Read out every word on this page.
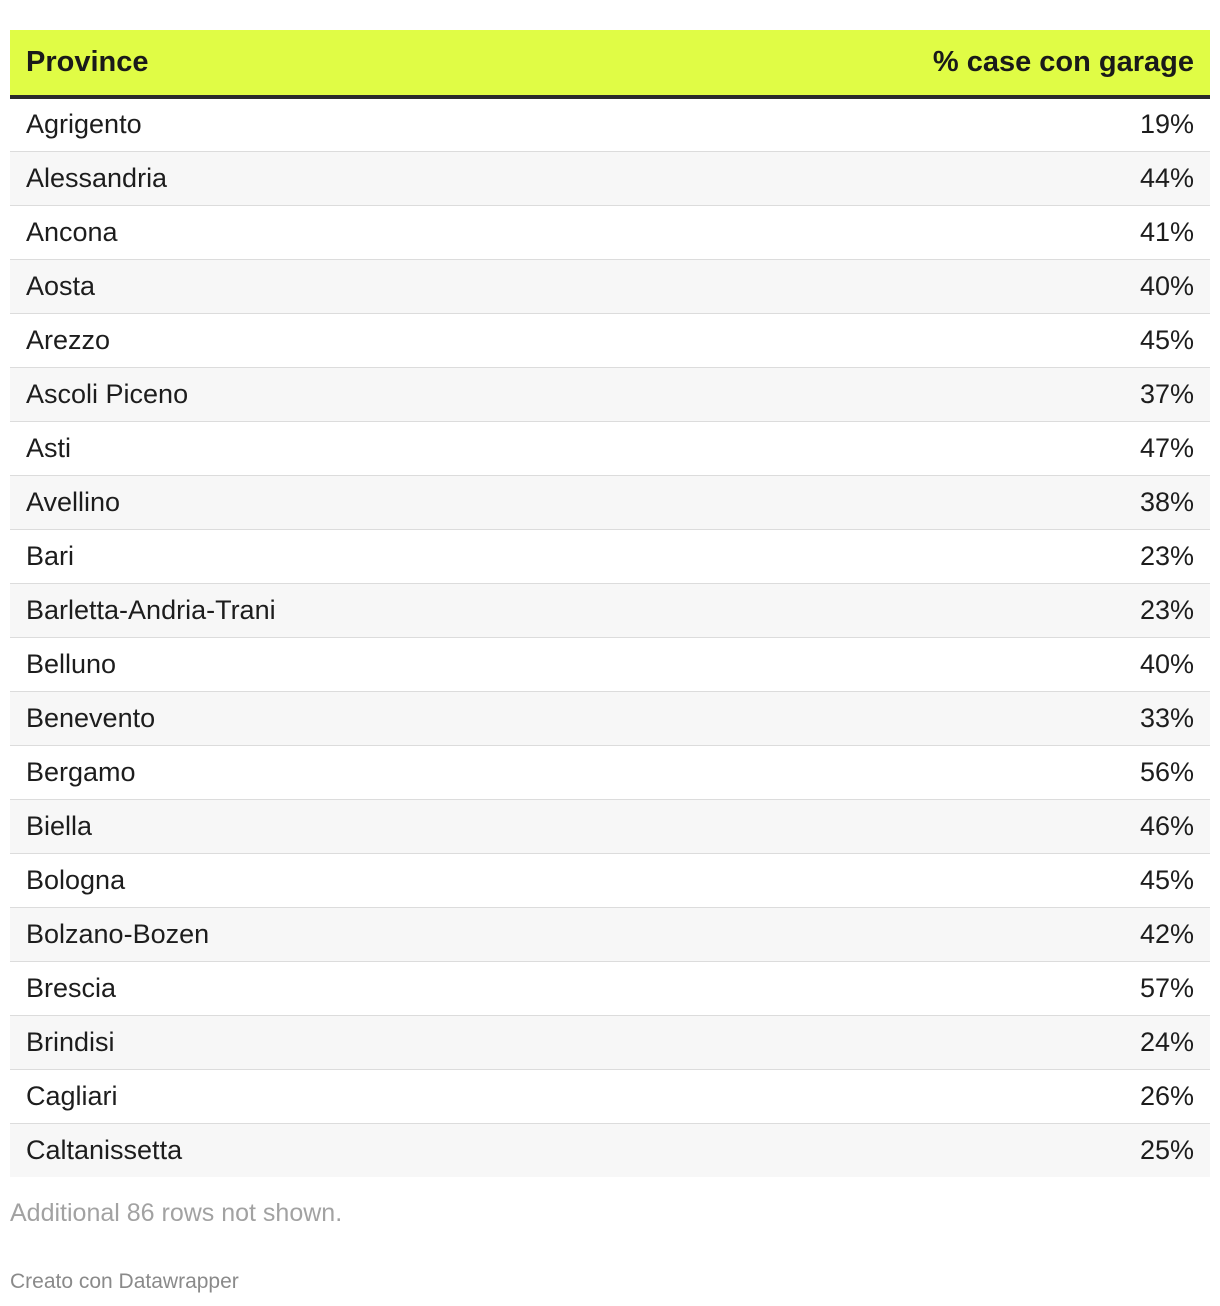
Province	% case con garage
Agrigento	19%
Alessandria	44%
Ancona	41%
Aosta	40%
Arezzo	45%
Ascoli Piceno	37%
Asti	47%
Avellino	38%
Bari	23%
Barletta-Andria-Trani	23%
Belluno	40%
Benevento	33%
Bergamo	56%
Biella	46%
Bologna	45%
Bolzano-Bozen	42%
Brescia	57%
Brindisi	24%
Cagliari	26%
Caltanissetta	25%
Additional 86 rows not shown.
Creato con Datawrapper
